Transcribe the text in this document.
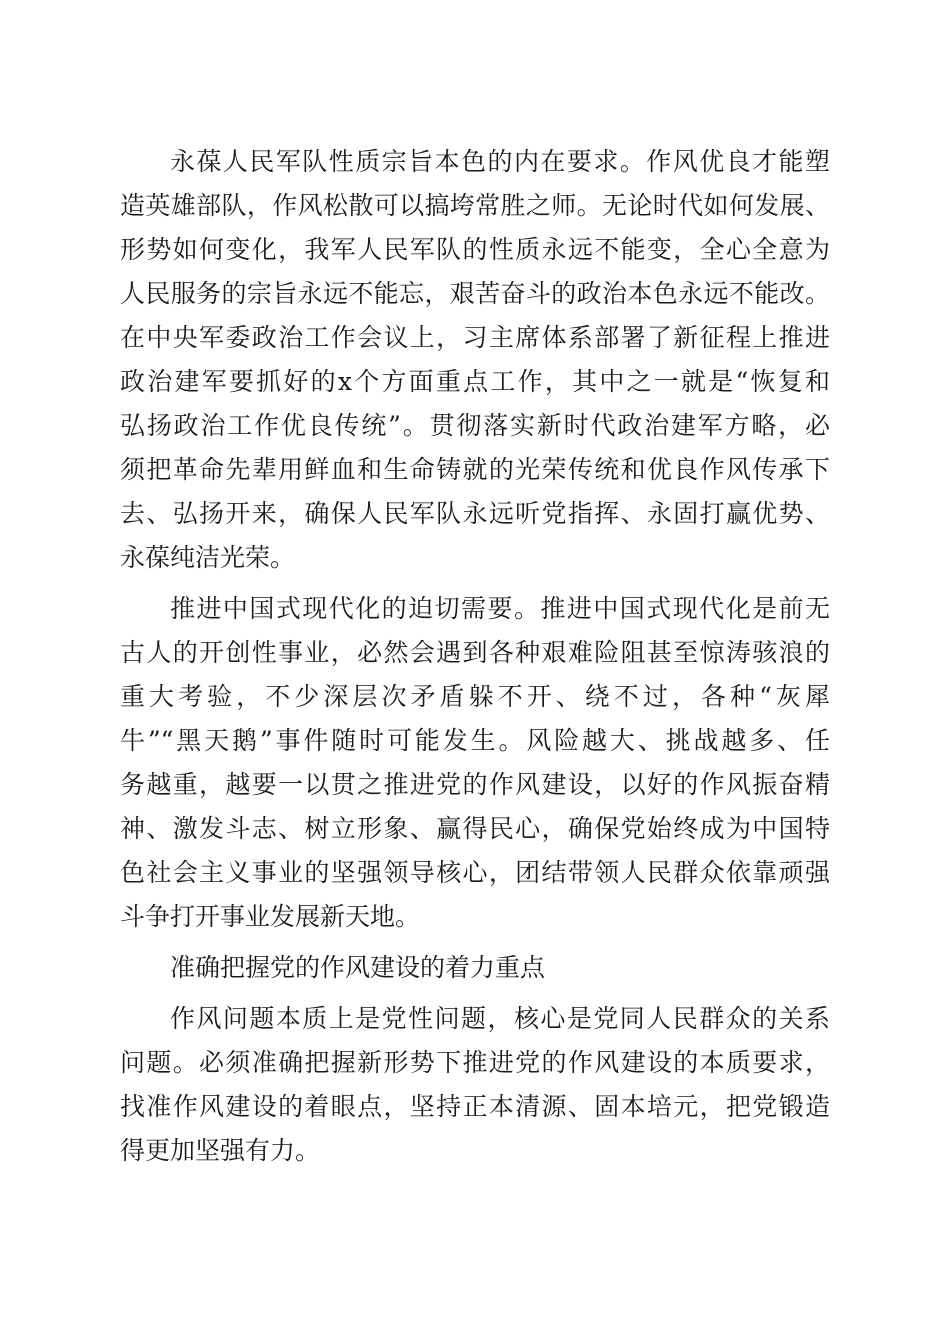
永葆人民军队性质宗旨本色的内在要求。作风优良才能塑

造英雄部队，作风松散可以搞垮常胜之师。无论时代如何发展、

形势如何变化，我军人民军队的性质永远不能变，全心全意为

人民服务的宗旨永远不能忘，艰苦奋斗的政治本色永远不能改。

在中央军委政治工作会议上，习主席体系部署了新征程上推进

政治建军要抓好的x个方面重点工作，其中之一就是“恢复和

弘扬政治工作优良传统”。贯彻落实新时代政治建军方略，必

须把革命先辈用鲜血和生命铸就的光荣传统和优良作风传承下

去、弘扬开来，确保人民军队永远听党指挥、永固打赢优势、

永葆纯洁光荣。

推进中国式现代化的迫切需要。推进中国式现代化是前无

古人的开创性事业，必然会遇到各种艰难险阻甚至惊涛骇浪的

重大考验，不少深层次矛盾躲不开、绕不过，各种“灰犀

牛”“黑天鹅”事件随时可能发生。风险越大、挑战越多、任

务越重，越要一以贯之推进党的作风建设，以好的作风振奋精

神、激发斗志、树立形象、赢得民心，确保党始终成为中国特

色社会主义事业的坚强领导核心，团结带领人民群众依靠顽强

斗争打开事业发展新天地。

准确把握党的作风建设的着力重点

作风问题本质上是党性问题，核心是党同人民群众的关系

问题。必须准确把握新形势下推进党的作风建设的本质要求，

找准作风建设的着眼点，坚持正本清源、固本培元，把党锻造

得更加坚强有力。
